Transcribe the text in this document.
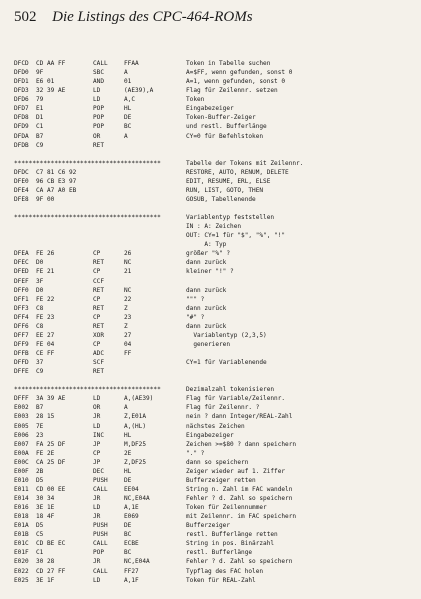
502 Die Listings des CPC-464-ROMs
DFCD CD AA FF	CALL	FFAA	Token in Tabelle suchen
DFD0 9F	SBC	A	A=$FF, wenn gefunden, sonst 0
DFD1 E6 01	AND	01	A=1, wenn gefunden, sonst 0
DFD3 32 39 AE	LD	(AE39),A	Flag für Zeilennr. setzen
DFD6 79	LD	A,C	Token
DFD7 E1	POP	HL	Eingabezeiger
DFD8 D1	POP	DE	Token-Buffer-Zeiger
DFD9 C1	POP	BC	und restl. Bufferlänge
DFDA B7	OR	A	CY=0 für Befehlstoken
DFDB C9	RET
****************************************	Tabelle der Tokens mit Zeilennr.
DFDC C7 81 C6 92	RESTORE, AUTO, RENUM, DELETE
DFE0 96 CB E3 97	EDIT, RESUME, ERL, ELSE
DFE4 CA A7 A0 EB	RUN, LIST, GOTO, THEN
DFE8 9F 00	GOSUB, Tabellenende
****************************************	Variablentyp feststellen
IN : A: Zeichen
OUT: CY=1 für "$", "%", "!"
A: Typ
DFEA FE 26	CP	26	größer "%" ?
DFEC D0	RET	NC	dann zurück
DFED FE 21	CP	21	kleiner "!" ?
DFEF 3F	CCF
DFF0 D0	RET	NC	dann zurück
DFF1 FE 22	CP	22	""" ?
DFF3 C8	RET	Z	dann zurück
DFF4 FE 23	CP	23	"#" ?
DFF6 C8	RET	Z	dann zurück
DFF7 EE 27	XOR	27	Variablentyp (2,3,5)
DFF9 FE 04	CP	04	generieren
DFFB CE FF	ADC	FF
DFFD 37	SCF	CY=1 für Variablenende
DFFE C9	RET
****************************************	Dezimalzahl tokenisieren
DFFF 3A 39 AE	LD	A,(AE39)	Flag für Variable/Zeilennr.
E002 B7	OR	A	Flag für Zeilennr. ?
E003 28 15	JR	Z,E01A	nein ? dann Integer/REAL-Zahl
E005 7E	LD	A,(HL)	nächstes Zeichen
E006 23	INC	HL	Eingabezeiger
E007 FA 25 DF	JP	M,DF25	Zeichen >=$80 ? dann speichern
E00A FE 2E	CP	2E	"." ?
E00C CA 25 DF	JP	Z,DF25	dann so speichern
E00F 2B	DEC	HL	Zeiger wieder auf 1. Ziffer
E010 D5	PUSH	DE	Bufferzeiger retten
E011 CD 00 EE	CALL	EE04	String n. Zahl im FAC wandeln
E014 30 34	JR	NC,E04A	Fehler ? d. Zahl so speichern
E016 3E 1E	LD	A,1E	Token für Zeilennummer
E018 18 4F	JR	E069	mit Zeilennr. im FAC speichern
E01A D5	PUSH	DE	Bufferzeiger
E01B C5	PUSH	BC	restl. Bufferlänge retten
E01C CD BE EC	CALL	ECBE	String in pos. Binärzahl
E01F C1	POP	BC	restl. Bufferlänge
E020 30 28	JR	NC,E04A	Fehler ? d. Zahl so speichern
E022 CD 27 FF	CALL	FF27	Typflag des FAC holen
E025 3E 1F	LD	A,1F	Token für REAL-Zahl
